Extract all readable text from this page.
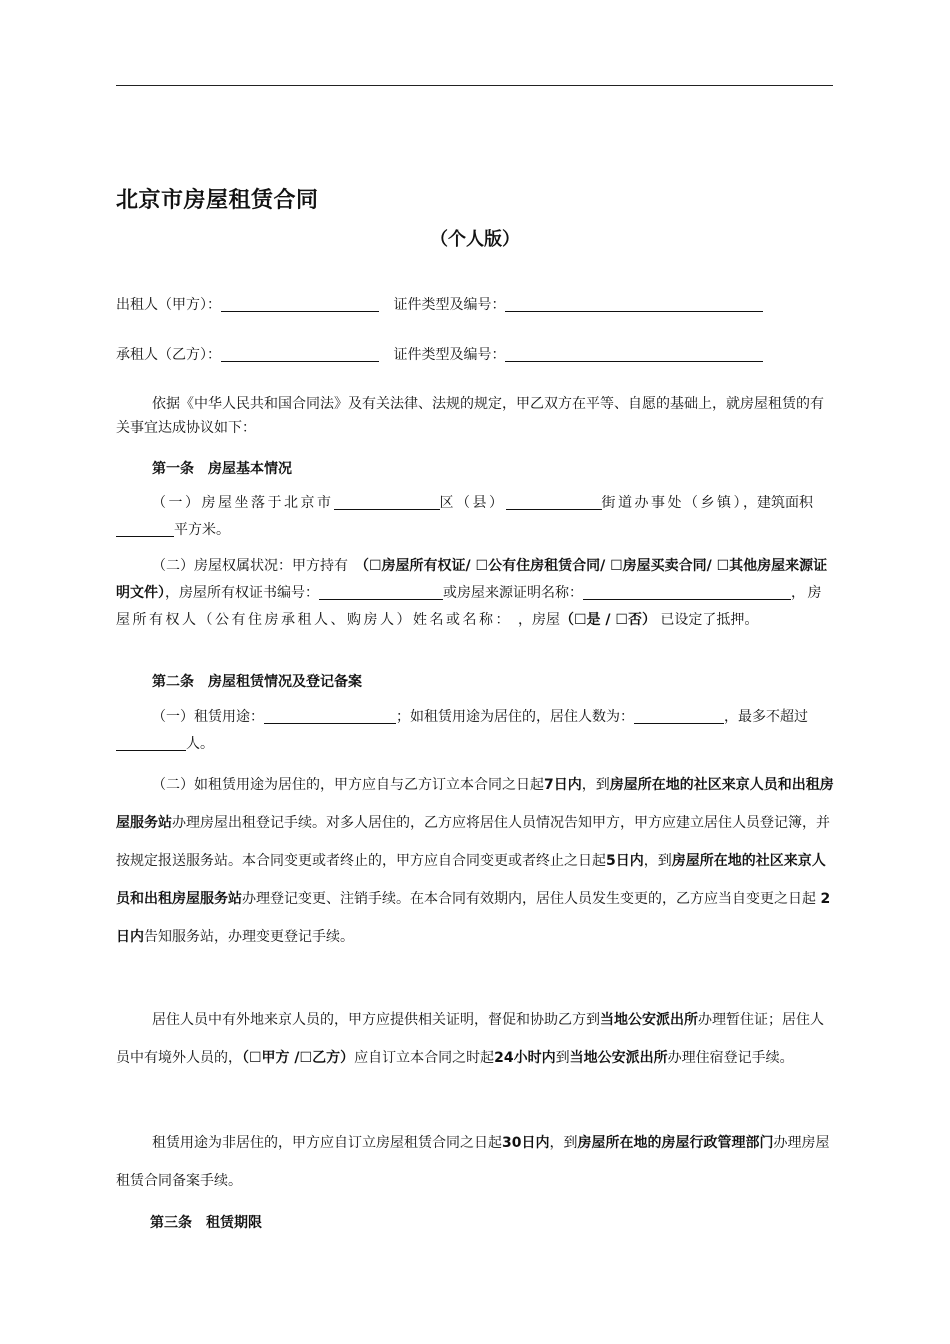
北京市房屋租赁合同
（个人版）
出租人（甲方）：	证件类型及编号：
承租人（乙方）：	证件类型及编号：
依据《中华人民共和国合同法》及有关法律、法规的规定，甲乙双方在平等、自愿的基础上，就房屋租赁的有关事宜达成协议如下：
第一条　房屋基本情况
（一）房屋坐落于北京市	区（县）	街道办事处（乡镇），建筑面积平方米。
（二）房屋权属状况：甲方持有　（☐房屋所有权证/ ☐公有住房租赁合同/ ☐房屋买卖合同/ ☐其他房屋来源证明文件），房屋所有权证书编号：	或房屋来源证明名称：	，房屋所有权人（公有住房承租人、购房人）姓名或名称： ，房屋（☐是 / ☐否） 已设定了抵押。
第二条　房屋租赁情况及登记备案
（一）租赁用途：	；如租赁用途为居住的，居住人数为：	，最多不超过人。
（二）如租赁用途为居住的，甲方应自与乙方订立本合同之日起7日内，到房屋所在地的社区来京人员和出租房屋服务站办理房屋出租登记手续。对多人居住的，乙方应将居住人员情况告知甲方，甲方应建立居住人员登记簿，并按规定报送服务站。本合同变更或者终止的，甲方应自合同变更或者终止之日起5日内，到房屋所在地的社区来京人员和出租房屋服务站办理登记变更、注销手续。在本合同有效期内，居住人员发生变更的，乙方应当自变更之日起 2日内告知服务站，办理变更登记手续。
居住人员中有外地来京人员的，甲方应提供相关证明，督促和协助乙方到当地公安派出所办理暂住证；居住人员中有境外人员的，（☐甲方 /☐乙方）应自订立本合同之时起24小时内到当地公安派出所办理住宿登记手续。
租赁用途为非居住的，甲方应自订立房屋租赁合同之日起30日内，到房屋所在地的房屋行政管理部门办理房屋租赁合同备案手续。
第三条　租赁期限
